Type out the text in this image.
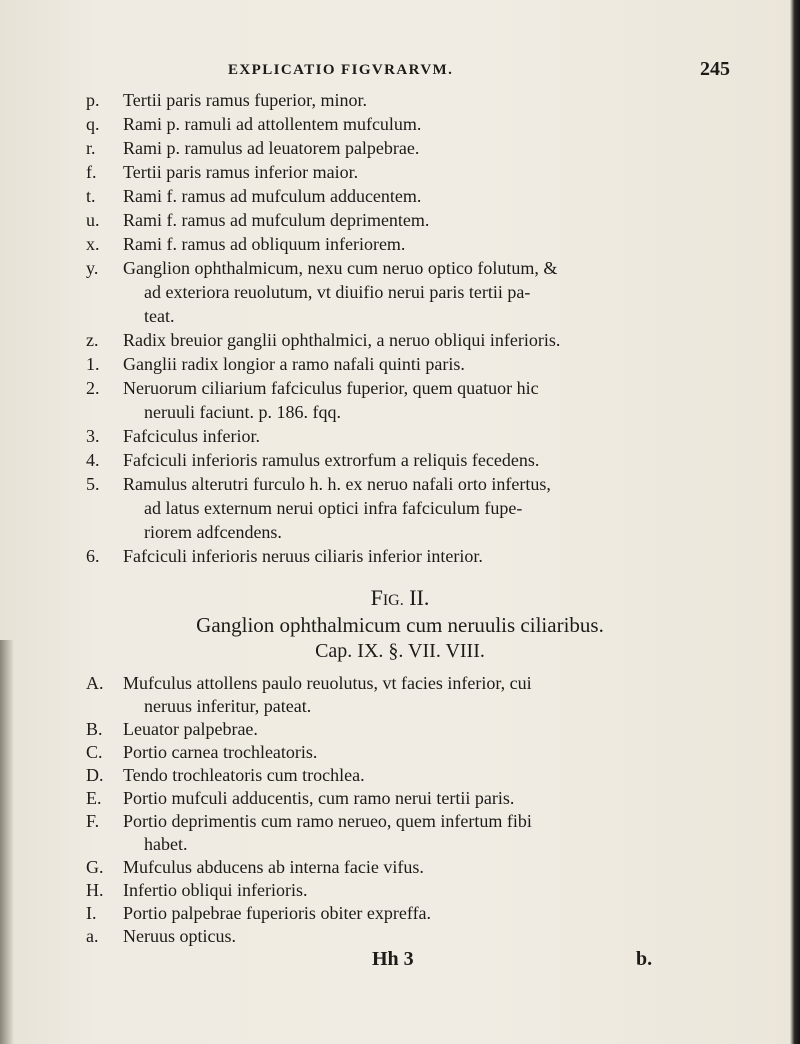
EXPLICATIO FIGVRARVM.	245
p.	Tertii paris ramus fuperior, minor.
q.	Rami p. ramuli ad attollentem mufculum.
r.	Rami p. ramulus ad leuatorem palpebrae.
f.	Tertii paris ramus inferior maior.
t.	Rami f. ramus ad mufculum adducentem.
u.	Rami f. ramus ad mufculum deprimentem.
x.	Rami f. ramus ad obliquum inferiorem.
y.	Ganglion ophthalmicum, nexu cum neruo optico folutum, &
ad exteriora reuolutum, vt diuifio nerui paris tertii pa-
teat.
z.	Radix breuior ganglii ophthalmici, a neruo obliqui inferioris.
1.	Ganglii radix longior a ramo nafali quinti paris.
2.	Neruorum ciliarium fafciculus fuperior, quem quatuor hic
neruuli faciunt. p. 186. fqq.
3.	Fafciculus inferior.
4.	Fafciculi inferioris ramulus extrorfum a reliquis fecedens.
5.	Ramulus alterutri furculo h. h. ex neruo nafali orto infertus,
ad latus externum nerui optici infra fafciculum fupe-
riorem adfcendens.
6.	Fafciculi inferioris neruus ciliaris inferior interior.
FIG. II.
Ganglion ophthalmicum cum neruulis ciliaribus.
Cap. IX. §. VII. VIII.
A.	Mufculus attollens paulo reuolutus, vt facies inferior, cui
neruus inferitur, pateat.
B.	Leuator palpebrae.
C.	Portio carnea trochleatoris.
D.	Tendo trochleatoris cum trochlea.
E.	Portio mufculi adducentis, cum ramo nerui tertii paris.
F.	Portio deprimentis cum ramo nerueo, quem infertum fibi
habet.
G.	Mufculus abducens ab interna facie vifus.
H.	Infertio obliqui inferioris.
I.	Portio palpebrae fuperioris obiter expreffa.
a.	Neruus opticus.
Hh 3	b.
